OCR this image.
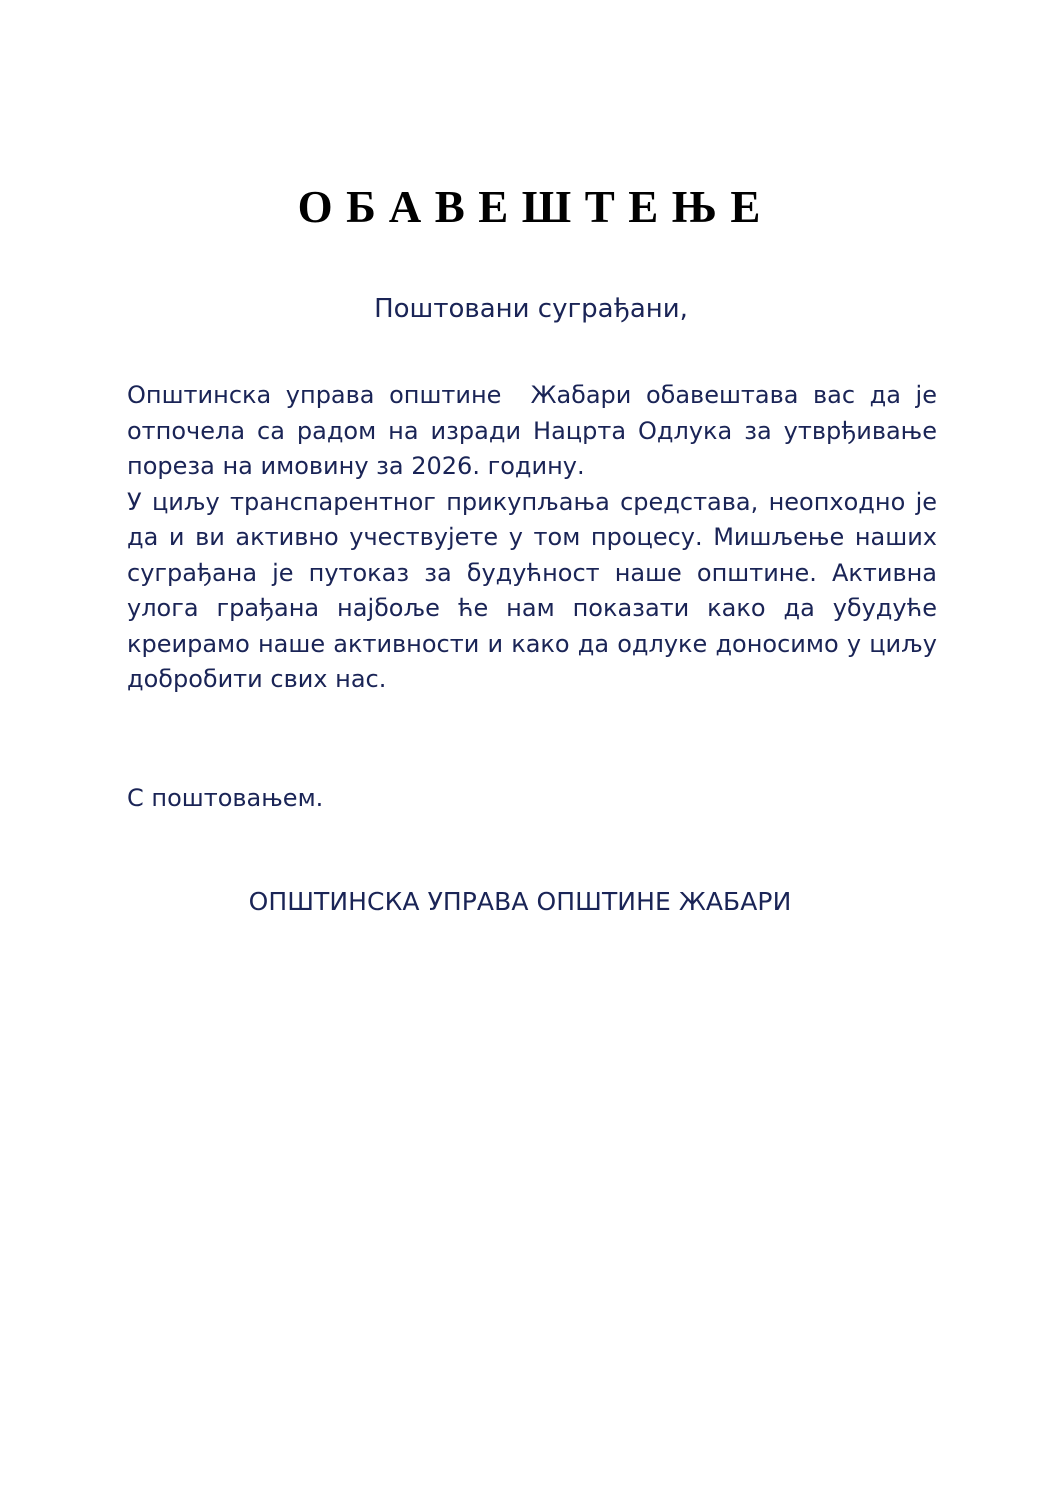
ОБАВЕШТЕЊЕ
Поштовани суграђани,

Општинска управа општине  Жабари обавештава вас да је отпочела са радом на изради Нацрта Одлука за утврђивање пореза на имовину за 2026. годину.

У циљу транспарентног прикупљања средстава, неопходно је да и ви активно учествујете у том процесу. Мишљење наших суграђана је путоказ за будућност наше општине. Активна улога грађана најбоље ће нам показати како да убудуће креирамо наше активности и како да одлуке доносимо у циљу добробити свих нас.

С поштовањем.
ОПШТИНСКА УПРАВА ОПШТИНЕ ЖАБАРИ
